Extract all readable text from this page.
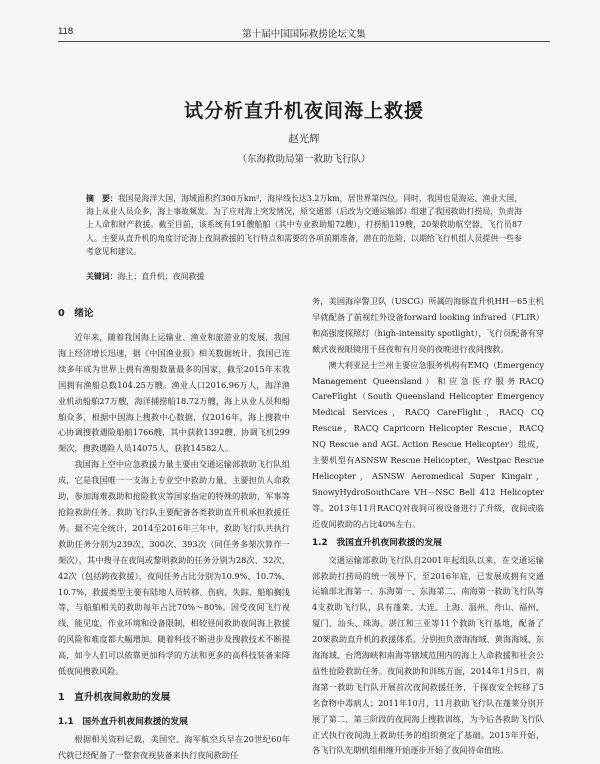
118	第十届中国国际救捞论坛文集
试分析直升机夜间海上救援
赵光辉
（东海救助局第一救助飞行队）
摘　要：我国是海洋大国，海域面积约300万km²，海岸线长达3.2万km，居世界第四位。同时，我国也是海运、渔业大国，海上从业人员众多，海上事故频发。为了应对海上突发情况，原交通部（后改为交通运输部）组建了我国救助打捞局，负责海上人命和财产救援。截至目前，该系统有191艘船舶（其中专业救助船72艘），打捞船119艘，20架救助航空器，飞行员87人。主要从直升机的角度讨论海上夜间救援的飞行特点和需要的各项前期准备，潜在的危险，以期给飞行机组人员提供一些参考意见和建议。
关键词：海上；直升机；夜间救援
0　绪论

近年来，随着我国海上运输业、渔业和旅游业的发展，我国海上经济增长迅速，据《中国渔业报》相关数据统计，我国已连续多年成为世界上拥有渔船数量最多的国家，截至2015年末我国拥有渔船总数104.25万艘。渔业人口2016.96万人，海洋渔业机动船舶27万艘，海洋捕捞船18.72万艘，海上从业人员和船舶众多，根据中国海上搜救中心数据，仅2016年，海上搜救中心协调搜救遇险船舶1766艘，其中获救1392艘，协调飞机299架次，搜救遇险人员14075人，获救14582人。

我国海上空中应急救援力量主要由交通运输部救助飞行队组成，它是我国唯一一支海上专业空中救助力量，主要担负人命救助，参加海难救助和抢险救灾等国家指定的特殊的救助，军事等抢险救助任务。救助飞行队主要配备各类救助直升机承担救援任务。据不完全统计，2014至2016年三年中，救助飞行队共执行救助任务分别为239次、300次、393次（同任务多架次算作一架次），其中搜寻在夜间或黎明救助的任务分别为28次、32次、42次（包括跨夜救援），夜间任务占比分别为10.9%、10.7%、10.7%，救援类型主要有陆地人员转移、伤病、失踪、船舶搁浅等，与船舶相关的救助每年占比70%～80%。因受夜间飞行视线，能见度，作业环境和设备限制，相较昼间救助夜间海上救援的风险和难度都大幅增加。随着科技不断进步及搜救技术不断提高，如今人们可以依靠更加科学的方法和更多的高科技装备来降低夜间搜救风险。

1　直升机夜间救助的发展
1.1　国外直升机夜间救援的发展

根据相关资料记载，美国空、海军航空兵早在20世纪60年代就已经配备了一整套夜视装备来执行夜间救助任

务，美国海岸警卫队（USCG）所属的海豚直升机HH－65主机早就配备了前视红外设备forward looking infrared（FLIR）和高强度探照灯（high-intensity spotlight），飞行员配备有穿戴式夜视眼镜用于昼夜和有月亮的夜晚进行夜间搜救。

澳大利亚昆士兰州主要应急服务机构有EMQ（Emergency Management Queensland）和应急医疗服务RACQ CareFlight（South Queensland Helicopter Emergency Medical Services，RACQ CareFlight，RACQ CQ Rescue，RACQ Capricorn Helicopter Rescue，RACQ NQ Rescue and AGL Action Rescue Helicopter）组成，主要机型有ASNSW Rescue Helicopter，Westpac Rescue Helicopter，ASNSW Aeromedical Super Kingair，SnowyHydroSouthCare VH－NSC Bell 412 Helicopter等。2013年11月RACQ对夜间可视设备进行了升级，夜间或临近夜间救助的占比40%左右。

1.2　我国直升机夜间救援的发展

交通运输部救助飞行队自2001年起组队以来，在交通运输部救助打捞局的统一领导下，至2016年底，已发展成拥有交通运输部北海第一、东海第一、东海第二、南海第一救助飞行队等4支救助飞行队，具有蓬莱、大连、上海、温州、舟山、福州、厦门、汕头、珠海、湛江和三亚等11个救助飞行基地，配备了20架救助直升机的救援体系。分别担负渤海海域、黄海海域、东海海域、台湾海峡和南海等辖域范围内的海上人命救援和社会公益性抢险救助任务。夜间救助和训练方面，2014年1月5日，南海第一救助飞行队开展首次夜间救援任务，于探夜安全转移了5名食物中毒病人；2011年10月，11月救助飞行队在蓬莱分别开展了第二、第三阶段的夜间海上搜救训练，为今后各救助飞行队正式执行夜间海上救助任务的组织奠定了基础。2015年开始，各飞行队先期机组相继开始逐步开始了夜间待命值班。
